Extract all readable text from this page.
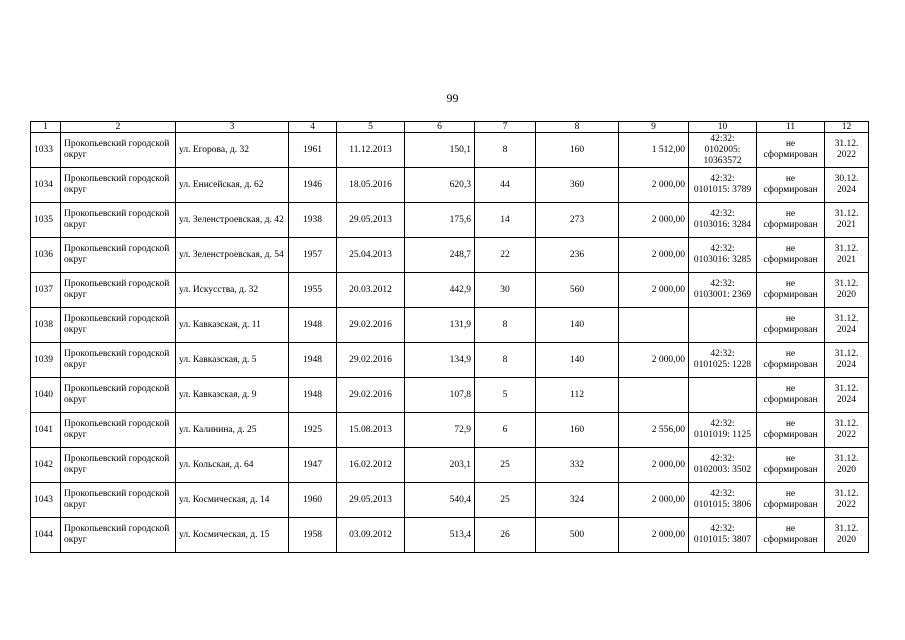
99
1	2	3	4	5	6	7	8	9	10	11	12
1033	Прокопьевский городской округ	ул. Егорова, д. 32	1961	11.12.2013	150,1	8	160	1 512,00	42:32: 0102005: 10363572	не сформирован	31.12. 2022
1034	Прокопьевский городской округ	ул. Енисейская, д. 62	1946	18.05.2016	620,3	44	360	2 000,00	42:32: 0101015: 3789	не сформирован	30.12. 2024
1035	Прокопьевский городской округ	ул. Зеленстроевская, д. 42	1938	29.05.2013	175,6	14	273	2 000,00	42:32: 0103016: 3284	не сформирован	31.12. 2021
1036	Прокопьевский городской округ	ул. Зеленстроевская, д. 54	1957	25.04.2013	248,7	22	236	2 000,00	42:32: 0103016: 3285	не сформирован	31.12. 2021
1037	Прокопьевский городской округ	ул. Искусства, д. 32	1955	20.03.2012	442,9	30	560	2 000,00	42:32: 0103001: 2369	не сформирован	31.12. 2020
1038	Прокопьевский городской округ	ул. Кавказская, д. 11	1948	29.02.2016	131,9	8	140			не сформирован	31.12. 2024
1039	Прокопьевский городской округ	ул. Кавказская, д. 5	1948	29.02.2016	134,9	8	140	2 000,00	42:32: 0101025: 1228	не сформирован	31.12. 2024
1040	Прокопьевский городской округ	ул. Кавказская, д. 9	1948	29.02.2016	107,8	5	112			не сформирован	31.12. 2024
1041	Прокопьевский городской округ	ул. Калинина, д. 25	1925	15.08.2013	72,9	6	160	2 556,00	42:32: 0101019: 1125	не сформирован	31.12. 2022
1042	Прокопьевский городской округ	ул. Кольская, д. 64	1947	16.02.2012	203,1	25	332	2 000,00	42:32: 0102003: 3502	не сформирован	31.12. 2020
1043	Прокопьевский городской округ	ул. Космическая, д. 14	1960	29.05.2013	540,4	25	324	2 000,00	42:32: 0101015: 3806	не сформирован	31.12. 2022
1044	Прокопьевский городской округ	ул. Космическая, д. 15	1958	03.09.2012	513,4	26	500	2 000,00	42:32: 0101015: 3807	не сформирован	31.12. 2020
